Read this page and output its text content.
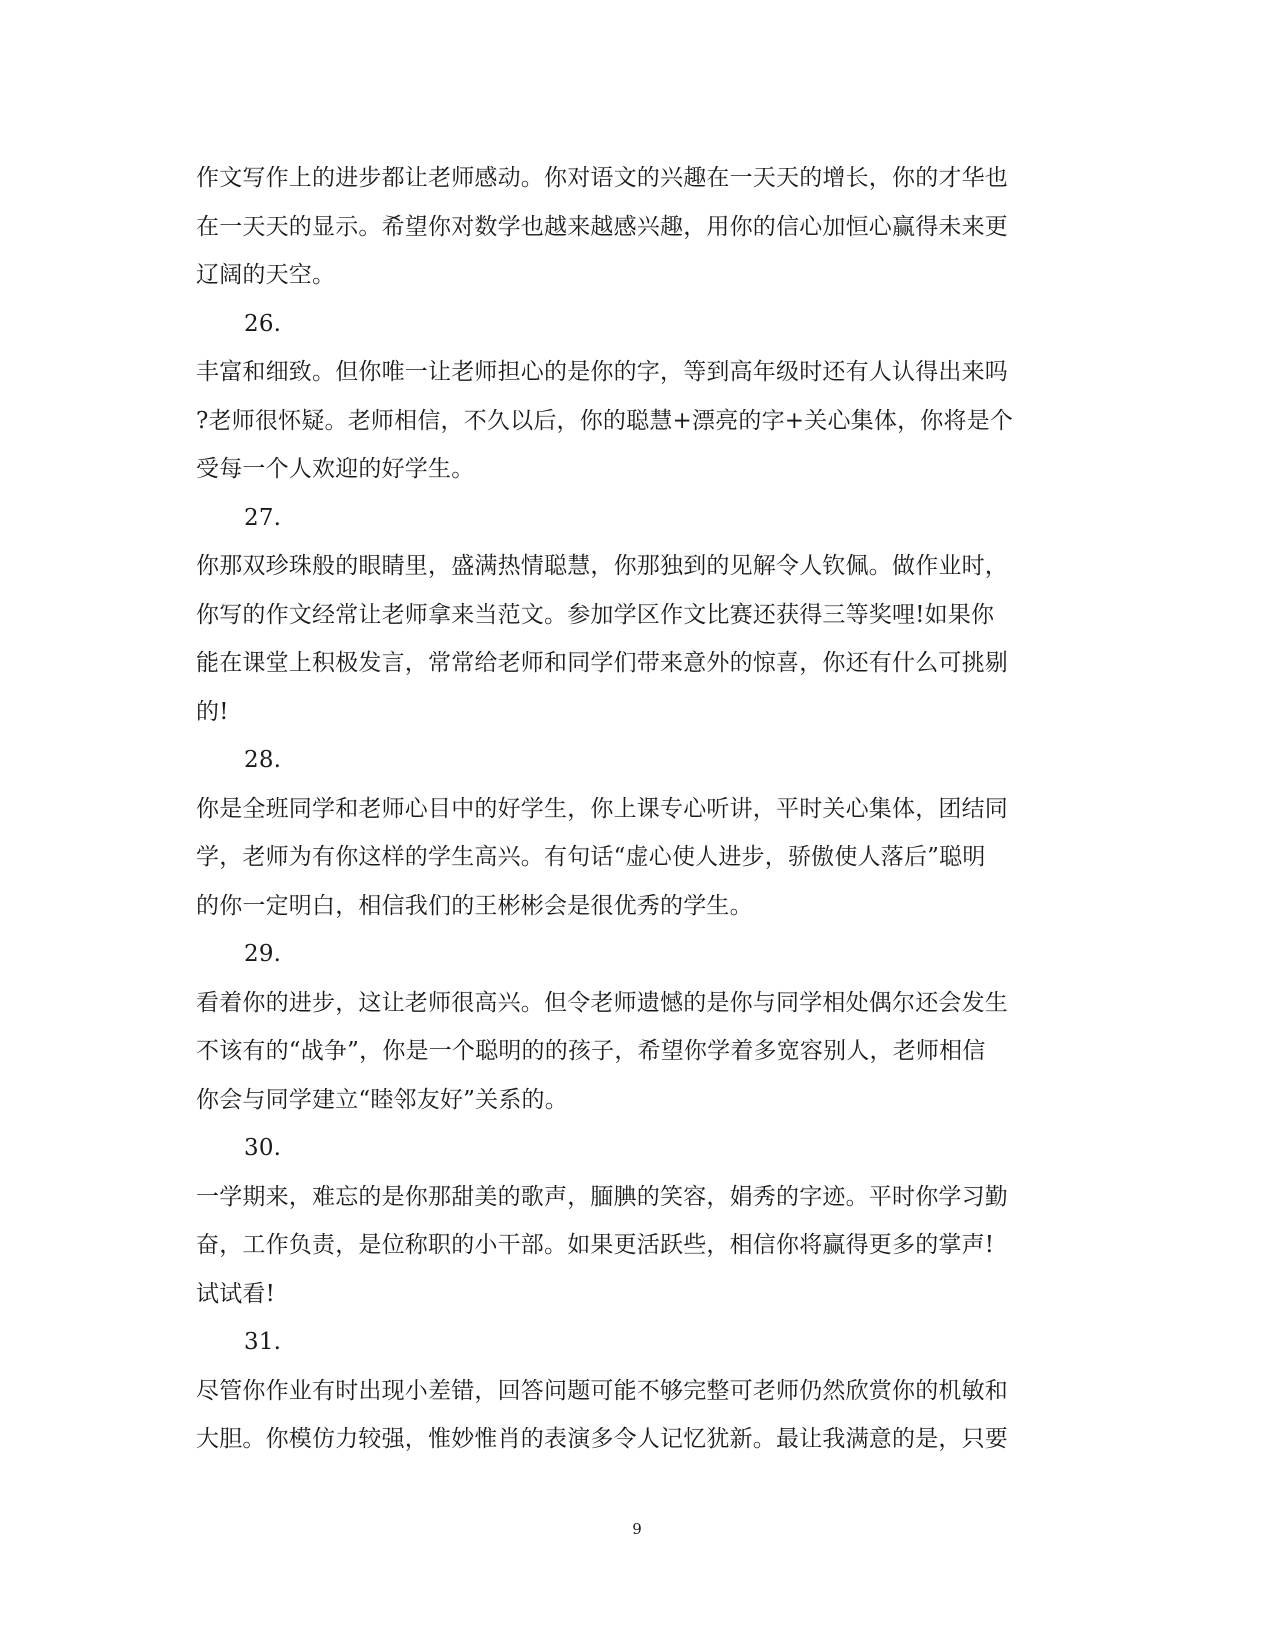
作文写作上的进步都让老师感动。你对语文的兴趣在一天天的增长，你的才华也
在一天天的显示。希望你对数学也越来越感兴趣，用你的信心加恒心赢得未来更
辽阔的天空。
26.
丰富和细致。但你唯一让老师担心的是你的字，等到高年级时还有人认得出来吗
?老师很怀疑。老师相信，不久以后，你的聪慧+漂亮的字+关心集体，你将是个
受每一个人欢迎的好学生。
27.
你那双珍珠般的眼睛里，盛满热情聪慧，你那独到的见解令人钦佩。做作业时，
你写的作文经常让老师拿来当范文。参加学区作文比赛还获得三等奖哩!如果你
能在课堂上积极发言，常常给老师和同学们带来意外的惊喜，你还有什么可挑剔
的!
28.
你是全班同学和老师心目中的好学生，你上课专心听讲，平时关心集体，团结同
学，老师为有你这样的学生高兴。有句话“虚心使人进步，骄傲使人落后”聪明
的你一定明白，相信我们的王彬彬会是很优秀的学生。
29.
看着你的进步，这让老师很高兴。但令老师遗憾的是你与同学相处偶尔还会发生
不该有的“战争”，你是一个聪明的的孩子，希望你学着多宽容别人，老师相信
你会与同学建立“睦邻友好”关系的。
30.
一学期来，难忘的是你那甜美的歌声，腼腆的笑容，娟秀的字迹。平时你学习勤
奋，工作负责，是位称职的小干部。如果更活跃些，相信你将赢得更多的掌声!
试试看!
31.
尽管你作业有时出现小差错，回答问题可能不够完整可老师仍然欣赏你的机敏和
大胆。你模仿力较强，惟妙惟肖的表演多令人记忆犹新。最让我满意的是，只要
9
